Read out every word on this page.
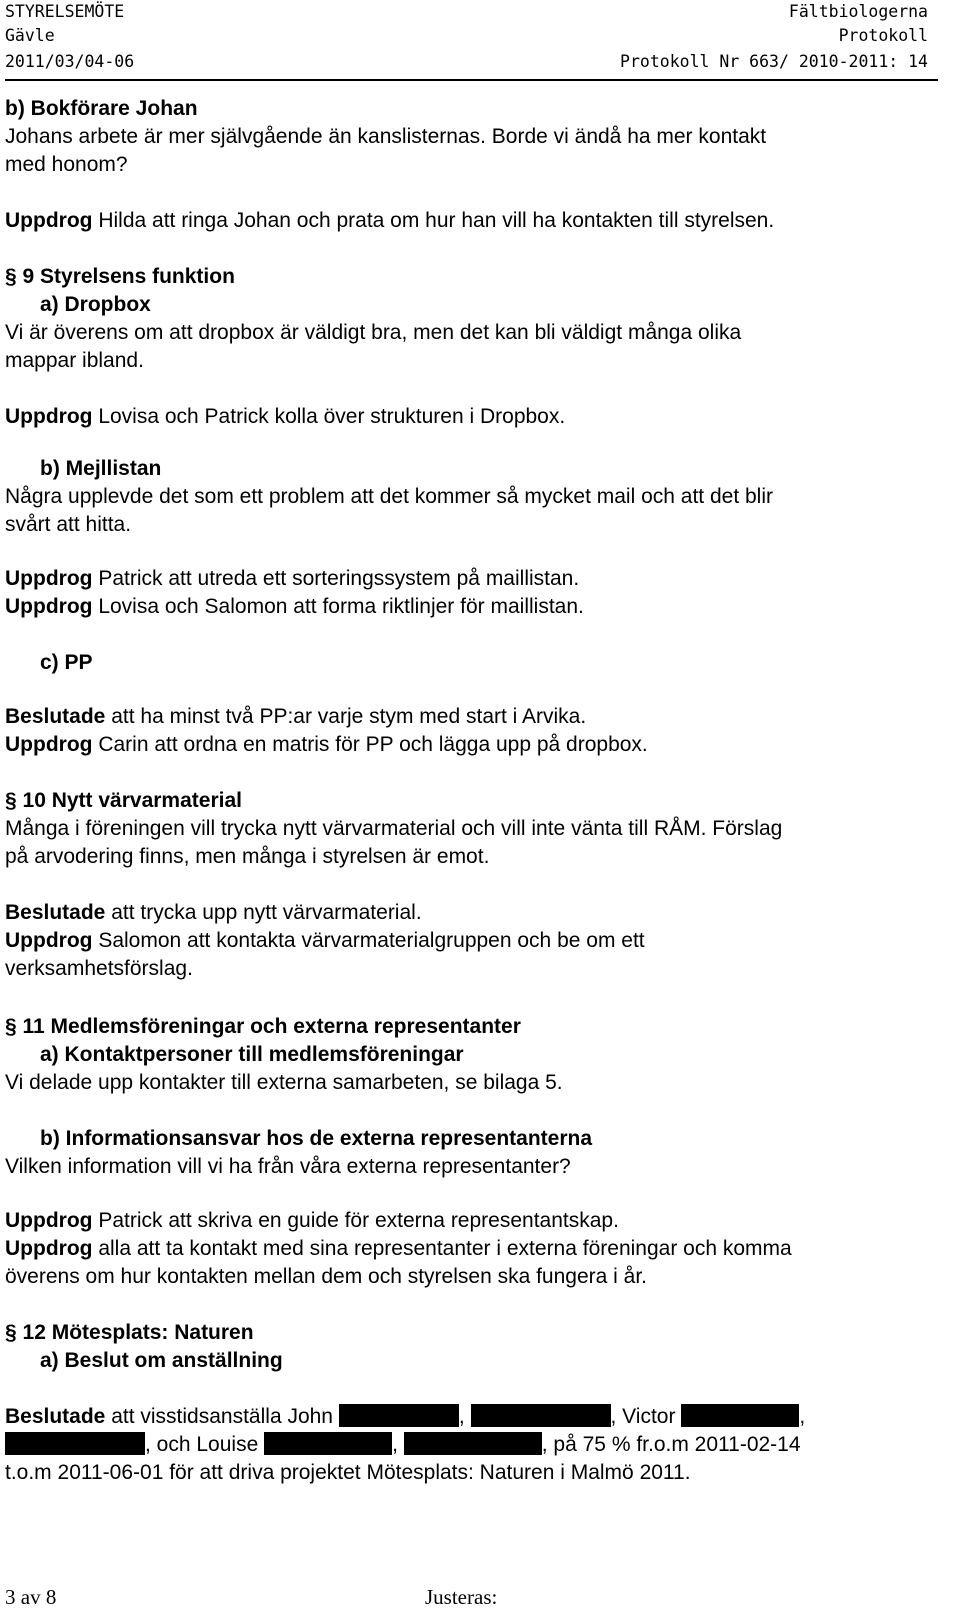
STYRELSEMÖTE	Fältbiologerna
Gävle	Protokoll
2011/03/04-06	Protokoll Nr 663/ 2010-2011: 14
b) Bokförare Johan
Johans arbete är mer självgående än kanslisternas. Borde vi ändå ha mer kontakt
med honom?
Uppdrog Hilda att ringa Johan och prata om hur han vill ha kontakten till styrelsen.
§ 9 Styrelsens funktion
a) Dropbox
Vi är överens om att dropbox är väldigt bra, men det kan bli väldigt många olika
mappar ibland.
Uppdrog Lovisa och Patrick kolla över strukturen i Dropbox.
b) Mejllistan
Några upplevde det som ett problem att det kommer så mycket mail och att det blir
svårt att hitta.
Uppdrog Patrick att utreda ett sorteringssystem på maillistan.
Uppdrog Lovisa och Salomon att forma riktlinjer för maillistan.
c) PP
Beslutade att ha minst två PP:ar varje stym med start i Arvika.
Uppdrog Carin att ordna en matris för PP och lägga upp på dropbox.
§ 10 Nytt värvarmaterial
Många i föreningen vill trycka nytt värvarmaterial och vill inte vänta till RÅM. Förslag
på arvodering finns, men många i styrelsen är emot.
Beslutade att trycka upp nytt värvarmaterial.
Uppdrog Salomon att kontakta värvarmaterialgruppen och be om ett
verksamhetsförslag.
§ 11 Medlemsföreningar och externa representanter
a) Kontaktpersoner till medlemsföreningar
Vi delade upp kontakter till externa samarbeten, se bilaga 5.
b) Informationsansvar hos de externa representanterna
Vilken information vill vi ha från våra externa representanter?
Uppdrog Patrick att skriva en guide för externa representantskap.
Uppdrog alla att ta kontakt med sina representanter i externa föreningar och komma
överens om hur kontakten mellan dem och styrelsen ska fungera i år.
§ 12 Mötesplats: Naturen
a) Beslut om anställning
Beslutade att visstidsanställa John	,	, Victor	,
, och Louise	,	, på 75 % fr.o.m 2011-02-14
t.o.m 2011-06-01 för att driva projektet Mötesplats: Naturen i Malmö 2011.
3 av 8	Justeras:
